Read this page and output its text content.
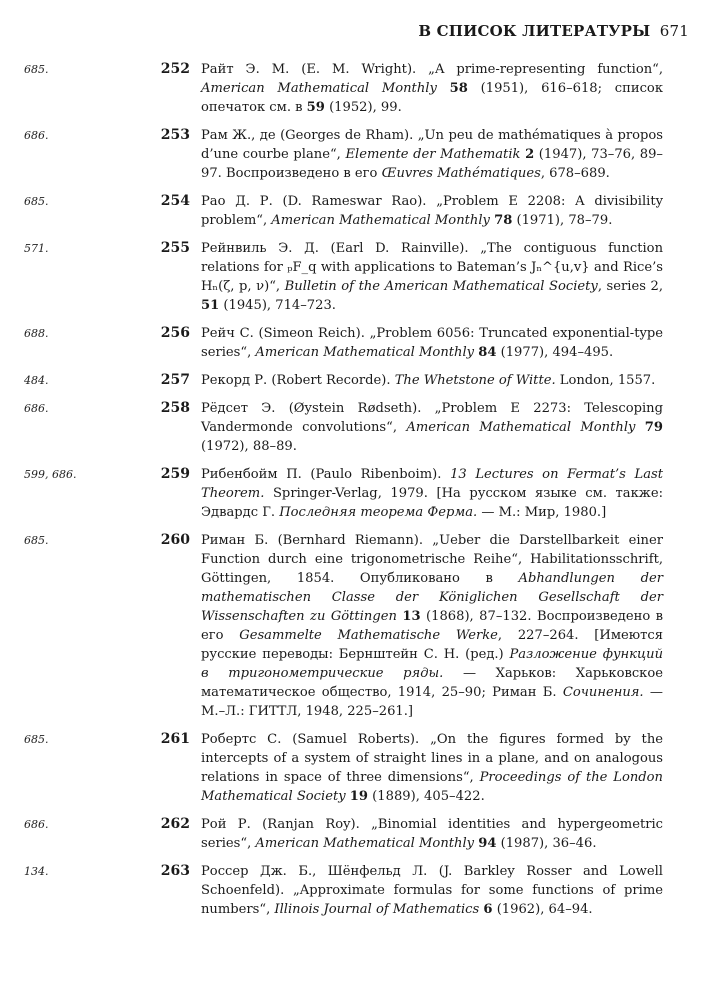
В СПИСОК ЛИТЕРАТУРЫ 671
685.	252 Райт Э. М. (E. M. Wright). „A prime-representing function“, American Mathematical Monthly 58 (1951), 616–618; список опечаток см. в 59 (1952), 99.
686.	253 Рам Ж., де (Georges de Rham). „Un peu de mathématiques à propos d’une courbe plane“, Elemente der Mathematik 2 (1947), 73–76, 89–97. Воспроизведено в его Œuvres Mathématiques, 678–689.
685.	254 Рао Д. Р. (D. Rameswar Rao). „Problem E 2208: A divisibility problem“, American Mathematical Monthly 78 (1971), 78–79.
571.	255 Рейнвиль Э. Д. (Earl D. Rainville). „The contiguous function relations for ₚF_q with applications to Bateman’s Jₙ^{u,v} and Rice’s Hₙ(ζ, p, ν)“, Bulletin of the American Mathematical Society, series 2, 51 (1945), 714–723.
688.	256 Рейч С. (Simeon Reich). „Problem 6056: Truncated exponential-type series“, American Mathematical Monthly 84 (1977), 494–495.
484.	257 Рекорд Р. (Robert Recorde). The Whetstone of Witte. London, 1557.
686.	258 Рёдсет Э. (Øystein Rødseth). „Problem E 2273: Telescoping Vandermonde convolutions“, American Mathematical Monthly 79 (1972), 88–89.
599, 686.	259 Рибенбойм П. (Paulo Ribenboim). 13 Lectures on Fermat’s Last Theorem. Springer-Verlag, 1979. [На русском языке см. также: Эдвардс Г. Последняя теорема Ферма. — М.: Мир, 1980.]
685.	260 Риман Б. (Bernhard Riemann). „Ueber die Darstellbarkeit einer Function durch eine trigonometrische Reihe“, Habilitationsschrift, Göttingen, 1854. Опубликовано в Abhandlungen der mathematischen Classe der Königlichen Gesellschaft der Wissenschaften zu Göttingen 13 (1868), 87–132. Воспроизведено в его Gesammelte Mathematische Werke, 227–264. [Имеются русские переводы: Бернштейн С. Н. (ред.) Разложение функций в тригонометрические ряды. — Харьков: Харьковское математическое общество, 1914, 25–90; Риман Б. Сочинения. — М.–Л.: ГИТТЛ, 1948, 225–261.]
685.	261 Робертс С. (Samuel Roberts). „On the figures formed by the intercepts of a system of straight lines in a plane, and on analogous relations in space of three dimensions“, Proceedings of the London Mathematical Society 19 (1889), 405–422.
686.	262 Рой Р. (Ranjan Roy). „Binomial identities and hypergeometric series“, American Mathematical Monthly 94 (1987), 36–46.
134.	263 Россер Дж. Б., Шёнфельд Л. (J. Barkley Rosser and Lowell Schoenfeld). „Approximate formulas for some functions of prime numbers“, Illinois Journal of Mathematics 6 (1962), 64–94.
